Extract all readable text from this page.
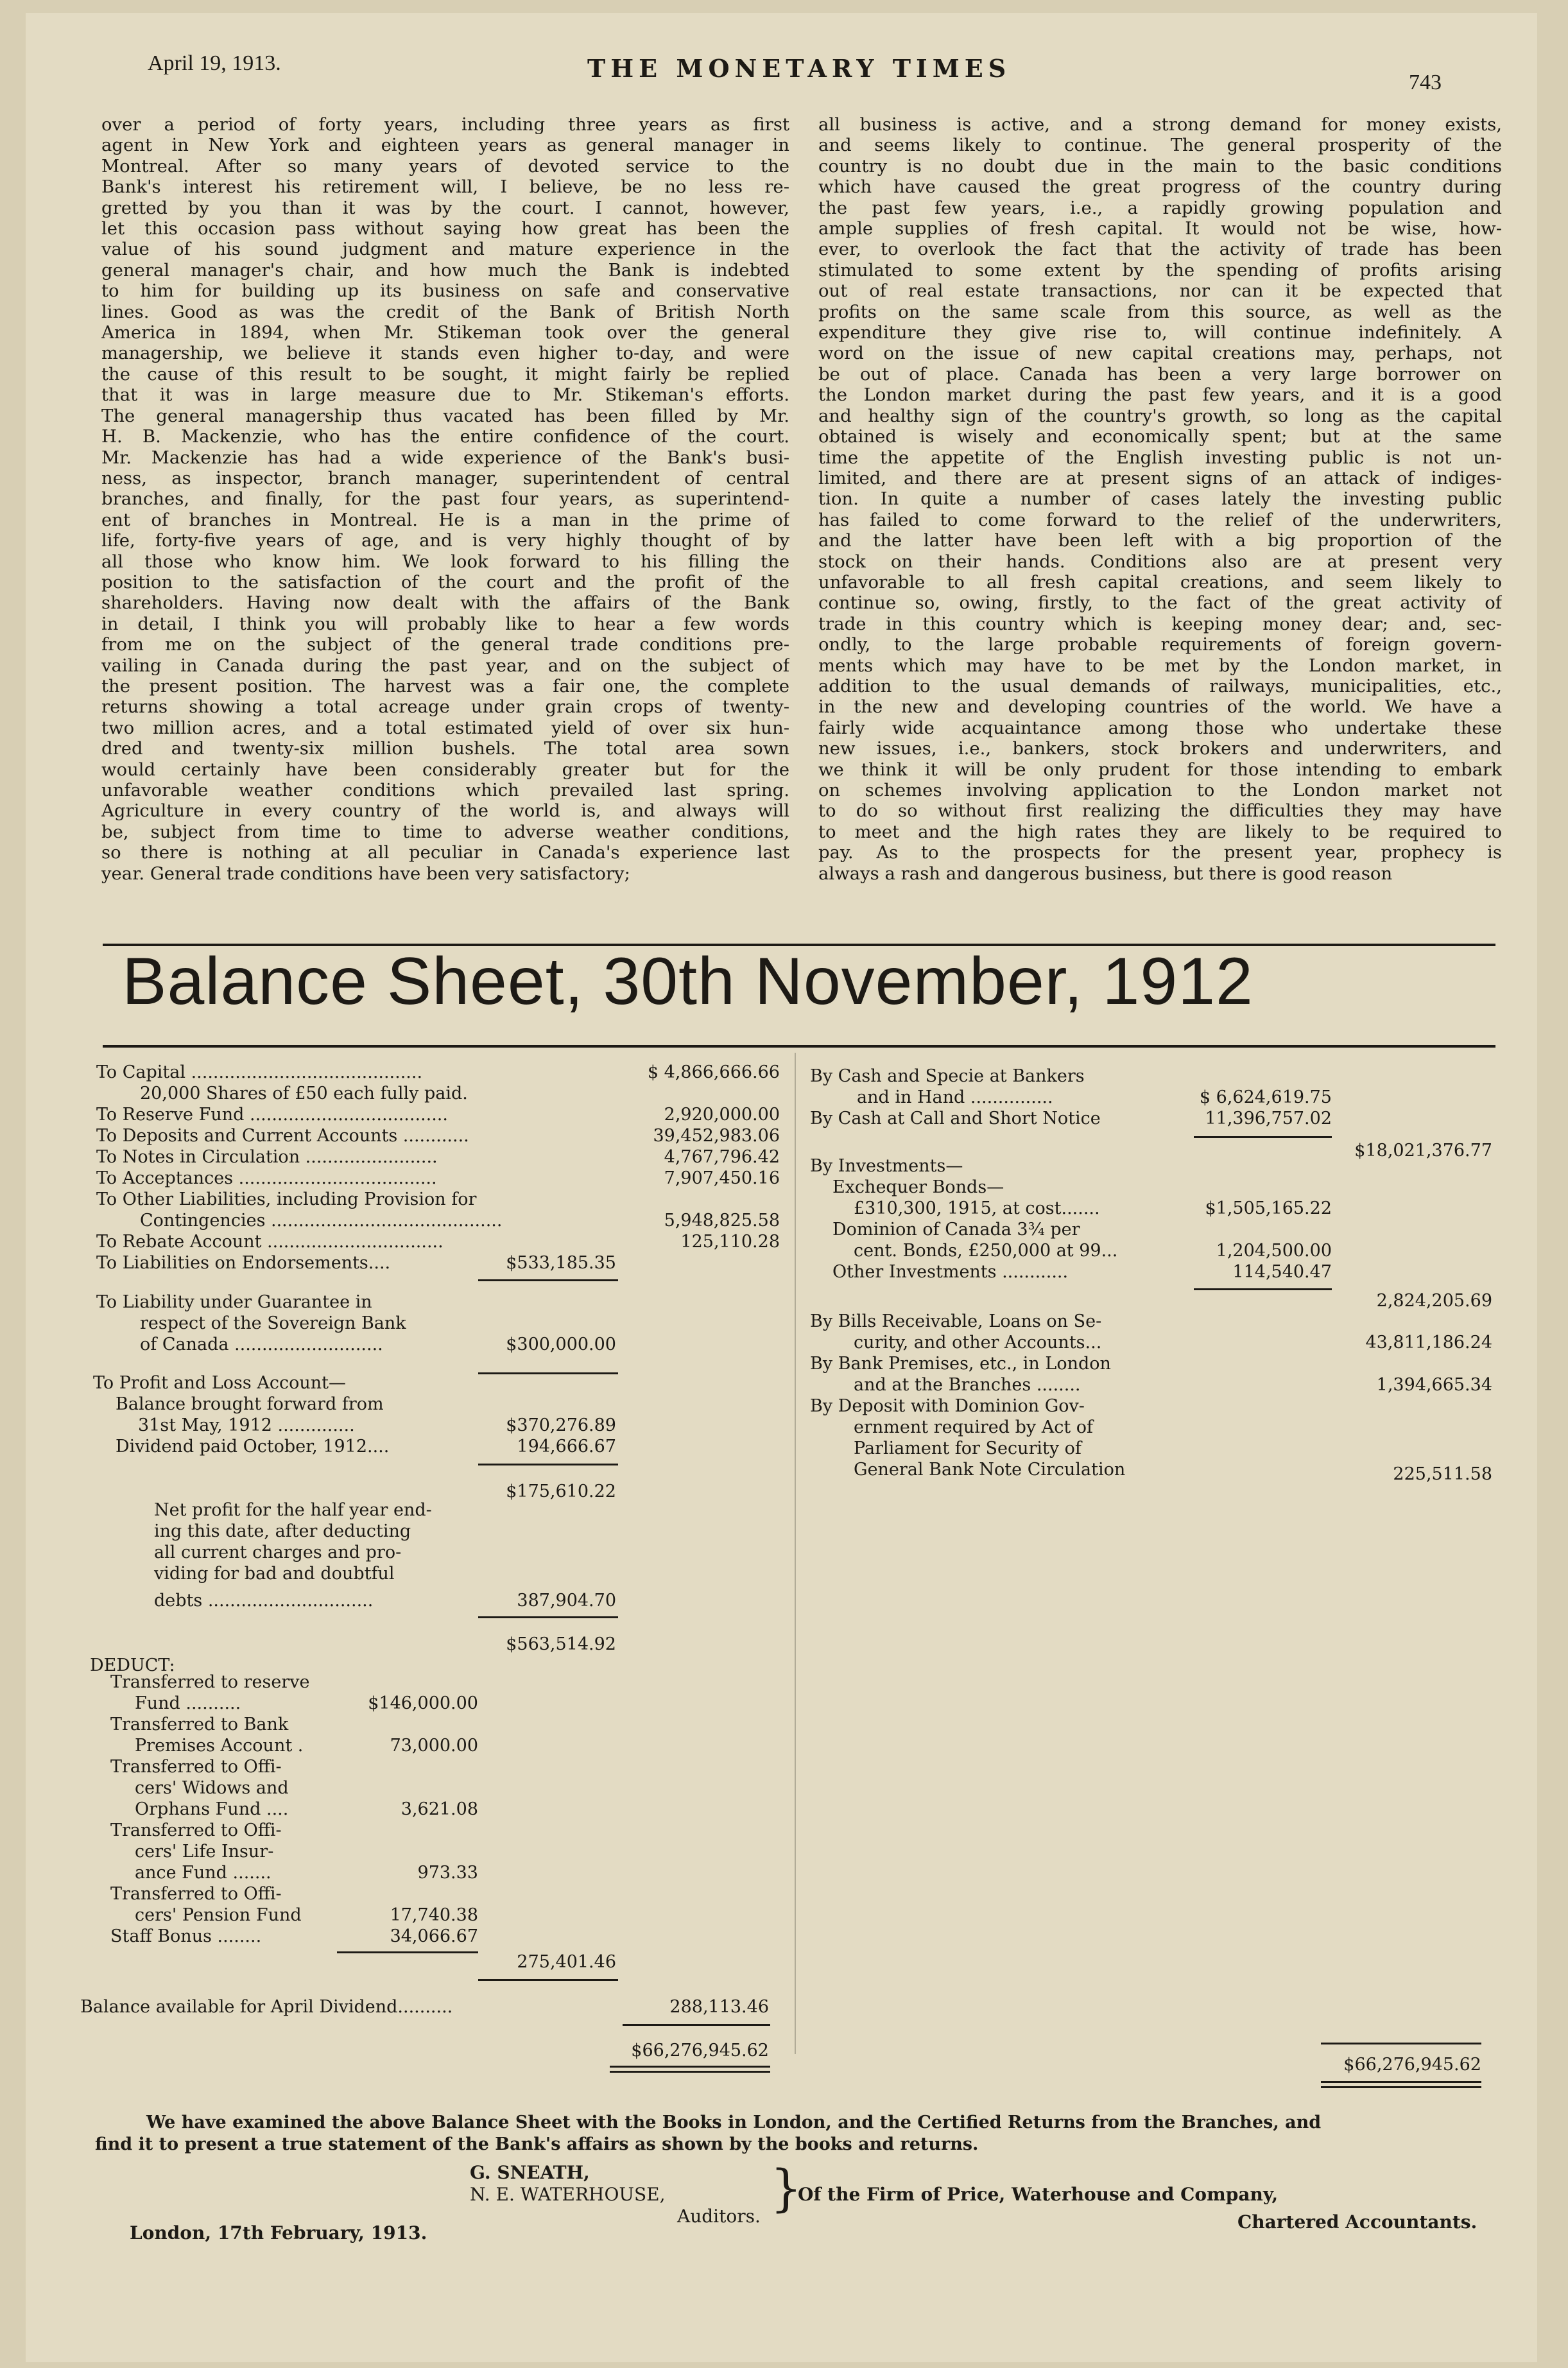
April 19, 1913.	THE MONETARY TIMES	743
over a period of forty years, including three years as first
agent in New York and eighteen years as general manager in
Montreal. After so many years of devoted service to the
Bank's interest his retirement will, I believe, be no less re-
gretted by you than it was by the court. I cannot, however,
let this occasion pass without saying how great has been the
value of his sound judgment and mature experience in the
general manager's chair, and how much the Bank is indebted
to him for building up its business on safe and conservative
lines. Good as was the credit of the Bank of British North
America in 1894, when Mr. Stikeman took over the general
managership, we believe it stands even higher to-day, and were
the cause of this result to be sought, it might fairly be replied
that it was in large measure due to Mr. Stikeman's efforts.
The general managership thus vacated has been filled by Mr.
H. B. Mackenzie, who has the entire confidence of the court.
Mr. Mackenzie has had a wide experience of the Bank's busi-
ness, as inspector, branch manager, superintendent of central
branches, and finally, for the past four years, as superintend-
ent of branches in Montreal. He is a man in the prime of
life, forty-five years of age, and is very highly thought of by
all those who know him. We look forward to his filling the
position to the satisfaction of the court and the profit of the
shareholders. Having now dealt with the affairs of the Bank
in detail, I think you will probably like to hear a few words
from me on the subject of the general trade conditions pre-
vailing in Canada during the past year, and on the subject of
the present position. The harvest was a fair one, the complete
returns showing a total acreage under grain crops of twenty-
two million acres, and a total estimated yield of over six hun-
dred and twenty-six million bushels. The total area sown
would certainly have been considerably greater but for the
unfavorable weather conditions which prevailed last spring.
Agriculture in every country of the world is, and always will
be, subject from time to time to adverse weather conditions,
so there is nothing at all peculiar in Canada's experience last
year. General trade conditions have been very satisfactory;
all business is active, and a strong demand for money exists,
and seems likely to continue. The general prosperity of the
country is no doubt due in the main to the basic conditions
which have caused the great progress of the country during
the past few years, i.e., a rapidly growing population and
ample supplies of fresh capital. It would not be wise, how-
ever, to overlook the fact that the activity of trade has been
stimulated to some extent by the spending of profits arising
out of real estate transactions, nor can it be expected that
profits on the same scale from this source, as well as the
expenditure they give rise to, will continue indefinitely. A
word on the issue of new capital creations may, perhaps, not
be out of place. Canada has been a very large borrower on
the London market during the past few years, and it is a good
and healthy sign of the country's growth, so long as the capital
obtained is wisely and economically spent; but at the same
time the appetite of the English investing public is not un-
limited, and there are at present signs of an attack of indiges-
tion. In quite a number of cases lately the investing public
has failed to come forward to the relief of the underwriters,
and the latter have been left with a big proportion of the
stock on their hands. Conditions also are at present very
unfavorable to all fresh capital creations, and seem likely to
continue so, owing, firstly, to the fact of the great activity of
trade in this country which is keeping money dear; and, sec-
ondly, to the large probable requirements of foreign govern-
ments which may have to be met by the London market, in
addition to the usual demands of railways, municipalities, etc.,
in the new and developing countries of the world. We have a
fairly wide acquaintance among those who undertake these
new issues, i.e., bankers, stock brokers and underwriters, and
we think it will be only prudent for those intending to embark
on schemes involving application to the London market not
to do so without first realizing the difficulties they may have
to meet and the high rates they are likely to be required to
pay. As to the prospects for the present year, prophecy is
always a rash and dangerous business, but there is good reason
Balance Sheet, 30th November, 1912
To Capital ..........................................	$ 4,866,666.66
20,000 Shares of £50 each fully paid.
To Reserve Fund ....................................	2,920,000.00
To Deposits and Current Accounts ............	39,452,983.06
To Notes in Circulation ........................	4,767,796.42
To Acceptances ....................................	7,907,450.16
To Other Liabilities, including Provision for
Contingencies ..........................................	5,948,825.58
To Rebate Account ................................	125,110.28
To Liabilities on Endorsements....	$533,185.35
To Liability under Guarantee in
respect of the Sovereign Bank
of Canada ...........................	$300,000.00
To Profit and Loss Account—
Balance brought forward from
31st May, 1912 ..............	$370,276.89
Dividend paid October, 1912....	194,666.67
$175,610.22
Net profit for the half year end-
ing this date, after deducting
all current charges and pro-
viding for bad and doubtful
debts ..............................	387,904.70
$563,514.92
DEDUCT:
Transferred to reserve
Fund ..........	$146,000.00
Transferred to Bank
Premises Account .	73,000.00
Transferred to Offi-
cers' Widows and
Orphans Fund ....	3,621.08
Transferred to Offi-
cers' Life Insur-
ance Fund .......	973.33
Transferred to Offi-
cers' Pension Fund	17,740.38
Staff Bonus ........	34,066.67
275,401.46
Balance available for April Dividend..........	288,113.46
$66,276,945.62
By Cash and Specie at Bankers
and in Hand ...............	$ 6,624,619.75
By Cash at Call and Short Notice	11,396,757.02
$18,021,376.77
By Investments—
Exchequer Bonds—
£310,300, 1915, at cost.......	$1,505,165.22
Dominion of Canada 3¾ per
cent. Bonds, £250,000 at 99...	1,204,500.00
Other Investments ............	114,540.47
2,824,205.69
By Bills Receivable, Loans on Se-
curity, and other Accounts...	43,811,186.24
By Bank Premises, etc., in London
and at the Branches ........	1,394,665.34
By Deposit with Dominion Gov-
ernment required by Act of
Parliament for Security of
General Bank Note Circulation	225,511.58
$66,276,945.62
We have examined the above Balance Sheet with the Books in London, and the Certified Returns from the Branches, and
find it to present a true statement of the Bank's affairs as shown by the books and returns.
G. SNEATH,
N. E. WATERHOUSE,
Auditors. }
Of the Firm of Price, Waterhouse and Company,
Chartered Accountants.
London, 17th February, 1913.
